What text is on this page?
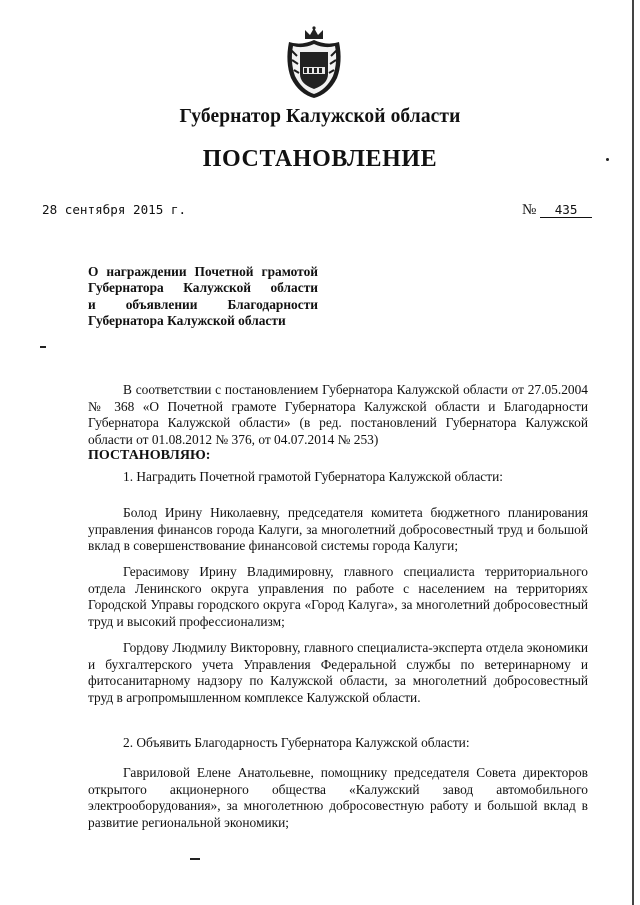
Губернатор Калужской области
ПОСТАНОВЛЕНИЕ
28 сентября 2015 г.	№ 435
О награждении Почетной грамотой
Губернатора Калужской области
и объявлении Благодарности
Губернатора Калужской области

В соответствии с постановлением Губернатора Калужской области от 27.05.2004 № 368 «О Почетной грамоте Губернатора Калужской области и Благодарности Губернатора Калужской области» (в ред. постановлений Губернатора Калужской области от 01.08.2012 № 376, от 04.07.2014 № 253)

ПОСТАНОВЛЯЮ:

1. Наградить Почетной грамотой Губернатора Калужской области:

Болод Ирину Николаевну, председателя комитета бюджетного планирования управления финансов города Калуги, за многолетний добросовестный труд и большой вклад в совершенствование финансовой системы города Калуги;

Герасимову Ирину Владимировну, главного специалиста территориального отдела Ленинского округа управления по работе с населением на территориях Городской Управы городского округа «Город Калуга», за многолетний добросовестный труд и высокий профессионализм;

Гордову Людмилу Викторовну, главного специалиста-эксперта отдела экономики и бухгалтерского учета Управления Федеральной службы по ветеринарному и фитосанитарному надзору по Калужской области, за многолетний добросовестный труд в агропромышленном комплексе Калужской области.

2. Объявить Благодарность Губернатора Калужской области:

Гавриловой Елене Анатольевне, помощнику председателя Совета директоров открытого акционерного общества «Калужский завод автомобильного электрооборудования», за многолетнюю добросовестную работу и большой вклад в развитие региональной экономики;
